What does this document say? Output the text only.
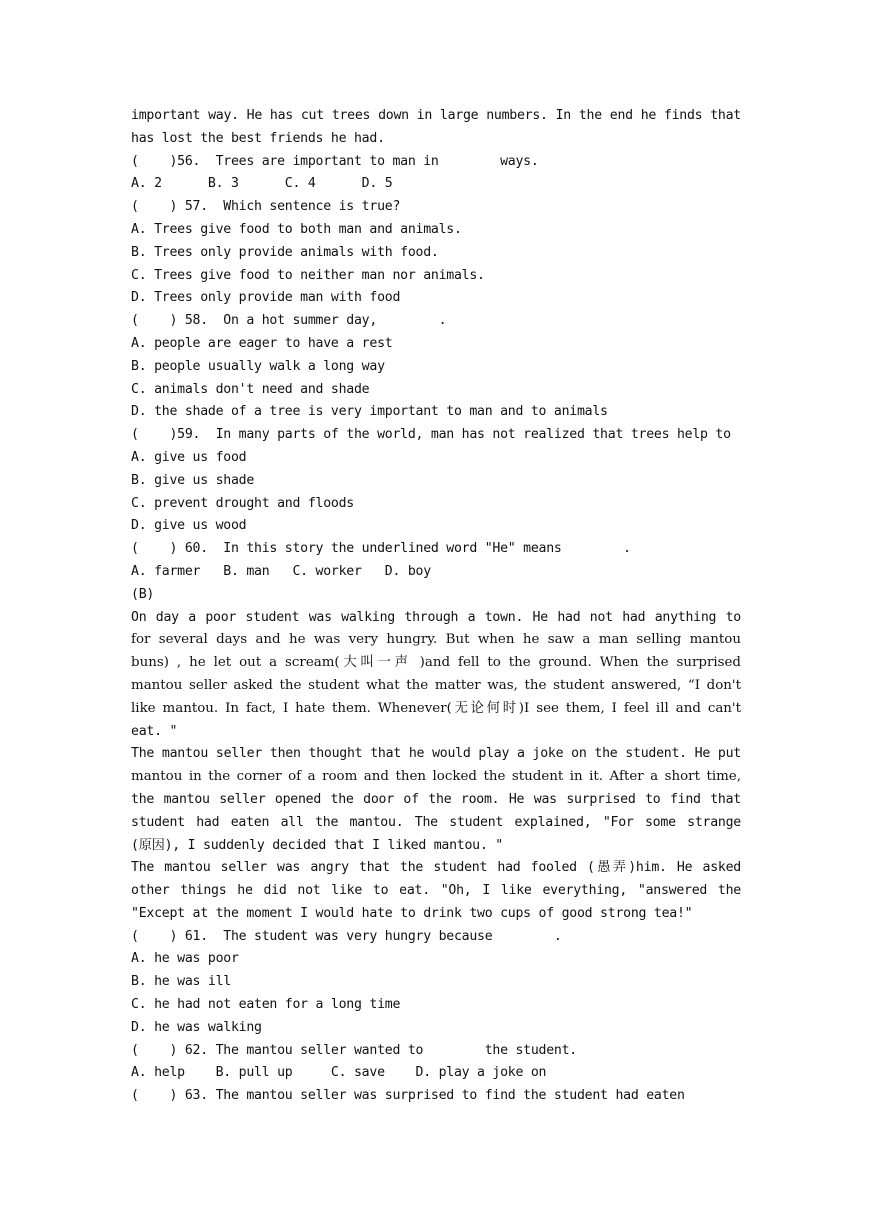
important way. He has cut trees down in large numbers. In the end he finds that
has lost the best friends he had.
(    )56.  Trees are important to man in        ways.
A. 2      B. 3      C. 4      D. 5
(    ) 57.  Which sentence is true?
A. Trees give food to both man and animals.
B. Trees only provide animals with food.
C. Trees give food to neither man nor animals.
D. Trees only provide man with food
(    ) 58.  On a hot summer day,        .
A. people are eager to have a rest
B. people usually walk a long way
C. animals don't need and shade
D. the shade of a tree is very important to man and to animals
(    )59.  In many parts of the world, man has not realized that trees help to
A. give us food
B. give us shade
C. prevent drought and floods
D. give us wood
(    ) 60.  In this story the underlined word "He" means        .
A. farmer   B. man   C. worker   D. boy
(B)
On day a poor student was walking through a town. He had not had anything to
for several days and he was very hungry. But when he saw a man selling mantou
buns) , he let out a scream(大叫一声 )and fell to the ground. When the surprised
mantou seller asked the student what the matter was, the student answered, “I don't
like mantou. In fact, I hate them. Whenever(无论何时)I see them, I feel ill and can't
eat. "
The mantou seller then thought that he would play a joke on the student. He put
mantou in the corner of a room and then locked the student in it. After a short time,
the mantou seller opened the door of the room. He was surprised to find that
student had eaten all the mantou. The student explained, "For some strange
(原因), I suddenly decided that I liked mantou. "
The mantou seller was angry that the student had fooled (愚弄)him. He asked
other things he did not like to eat. "Oh, I like everything, "answered the
"Except at the moment I would hate to drink two cups of good strong tea!"
(    ) 61.  The student was very hungry because        .
A. he was poor
B. he was ill
C. he had not eaten for a long time
D. he was walking
(    ) 62. The mantou seller wanted to        the student.
A. help    B. pull up     C. save    D. play a joke on
(    ) 63. The mantou seller was surprised to find the student had eaten
